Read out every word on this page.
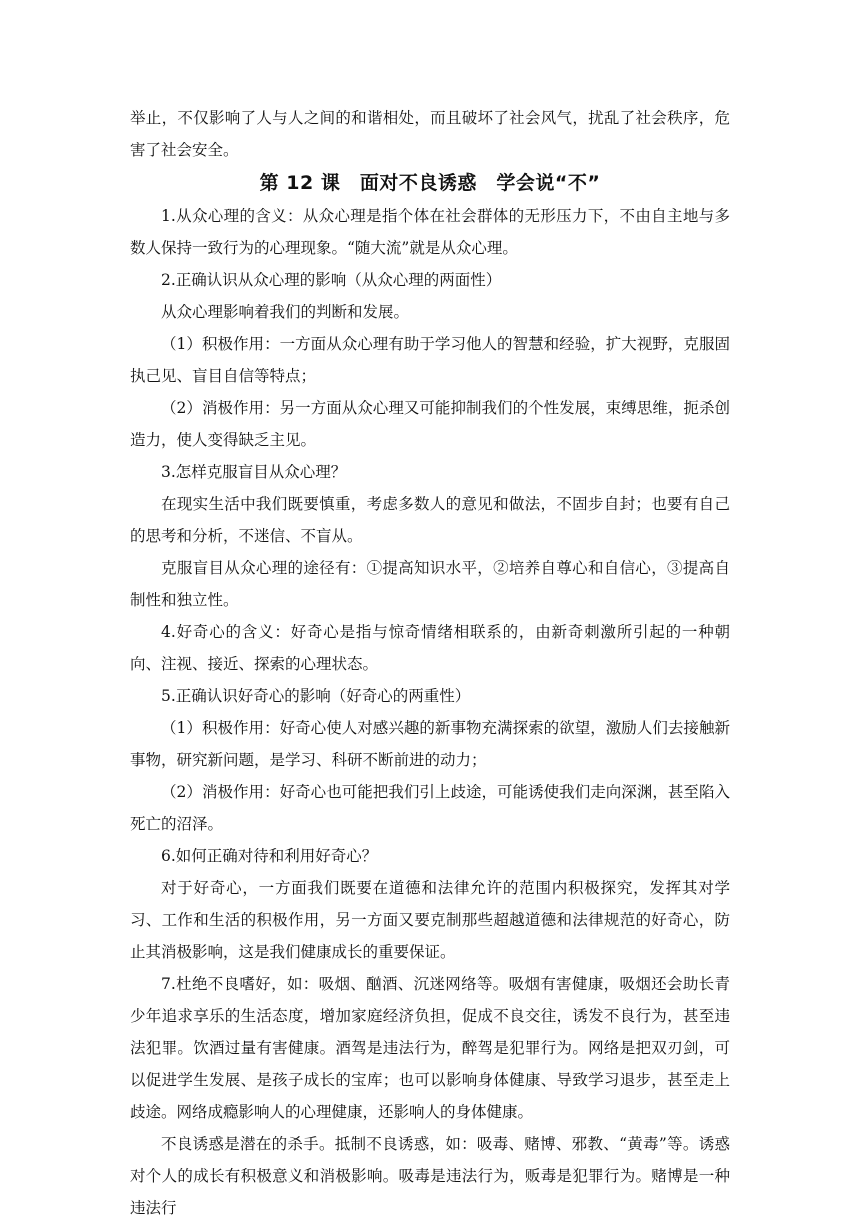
举止，不仅影响了人与人之间的和谐相处，而且破坏了社会风气，扰乱了社会秩序，危害了社会安全。

第 12 课　面对不良诱惑　学会说“不”

1.从众心理的含义：从众心理是指个体在社会群体的无形压力下，不由自主地与多数人保持一致行为的心理现象。“随大流”就是从众心理。

2.正确认识从众心理的影响（从众心理的两面性）

从众心理影响着我们的判断和发展。

（1）积极作用：一方面从众心理有助于学习他人的智慧和经验，扩大视野，克服固执己见、盲目自信等特点；

（2）消极作用：另一方面从众心理又可能抑制我们的个性发展，束缚思维，扼杀创造力，使人变得缺乏主见。

3.怎样克服盲目从众心理？

在现实生活中我们既要慎重，考虑多数人的意见和做法，不固步自封；也要有自己的思考和分析，不迷信、不盲从。

克服盲目从众心理的途径有：①提高知识水平，②培养自尊心和自信心，③提高自制性和独立性。

4.好奇心的含义：好奇心是指与惊奇情绪相联系的，由新奇刺激所引起的一种朝向、注视、接近、探索的心理状态。

5.正确认识好奇心的影响（好奇心的两重性）

（1）积极作用：好奇心使人对感兴趣的新事物充满探索的欲望，激励人们去接触新事物，研究新问题，是学习、科研不断前进的动力；

（2）消极作用：好奇心也可能把我们引上歧途，可能诱使我们走向深渊，甚至陷入死亡的沼泽。

6.如何正确对待和利用好奇心？

对于好奇心，一方面我们既要在道德和法律允许的范围内积极探究，发挥其对学习、工作和生活的积极作用，另一方面又要克制那些超越道德和法律规范的好奇心，防止其消极影响，这是我们健康成长的重要保证。

7.杜绝不良嗜好，如：吸烟、酗酒、沉迷网络等。吸烟有害健康，吸烟还会助长青少年追求享乐的生活态度，增加家庭经济负担，促成不良交往，诱发不良行为，甚至违法犯罪。饮酒过量有害健康。酒驾是违法行为，醉驾是犯罪行为。网络是把双刃剑，可以促进学生发展、是孩子成长的宝库；也可以影响身体健康、导致学习退步，甚至走上歧途。网络成瘾影响人的心理健康，还影响人的身体健康。

不良诱惑是潜在的杀手。抵制不良诱惑，如：吸毒、赌博、邪教、“黄毒”等。诱惑对个人的成长有积极意义和消极影响。吸毒是违法行为，贩毒是犯罪行为。赌博是一种违法行
